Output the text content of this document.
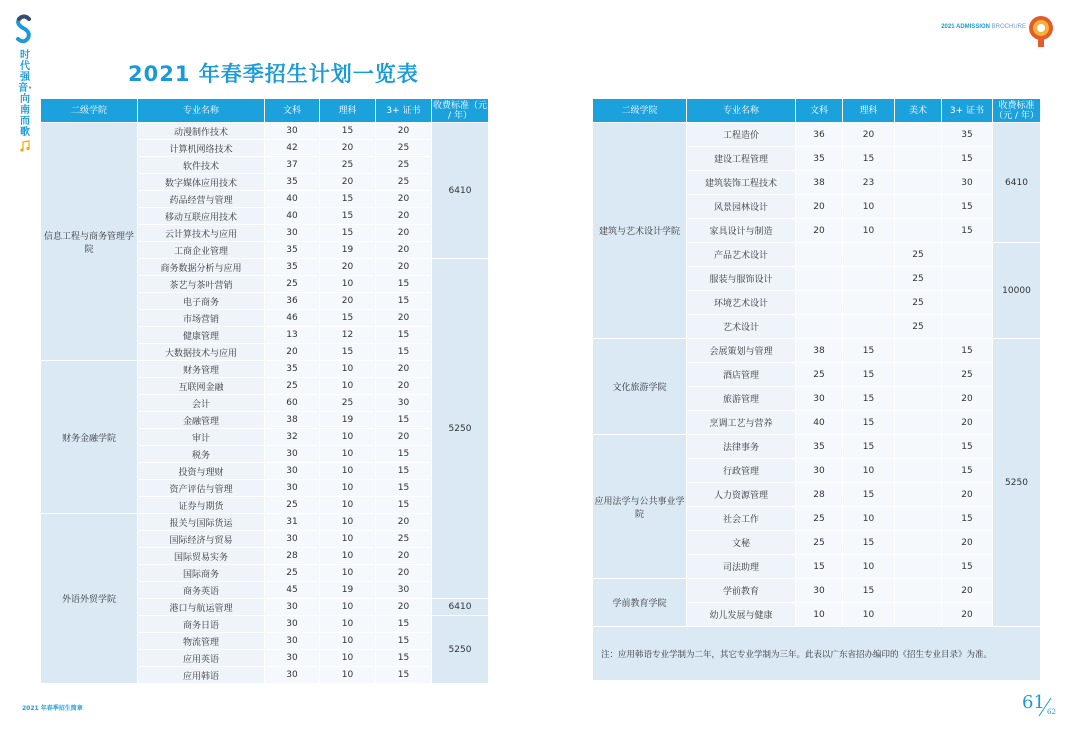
时代强音·向南而歌
2021 ADMISSION BROCHURE
2021 年春季招生计划一览表
二级学院	专业名称	文科	理科	3+ 证书	收费标准（元 / 年）
信息工程与商务管理学院	动漫制作技术	30	15	20	6410
	计算机网络技术	42	20	25	
	软件技术	37	25	25	
	数字媒体应用技术	35	20	25	
	药品经营与管理	40	15	20	
	移动互联应用技术	40	15	20	
	云计算技术与应用	30	15	20	
	工商企业管理	35	19	20	
	商务数据分析与应用	35	20	20	5250
	茶艺与茶叶营销	25	10	15	
	电子商务	36	20	15	
	市场营销	46	15	20	
	健康管理	13	12	15	
	大数据技术与应用	20	15	15	
财务金融学院	财务管理	35	10	20	
	互联网金融	25	10	20	
	会计	60	25	30	
	金融管理	38	19	15	
	审计	32	10	20	
	税务	30	10	15	
	投资与理财	30	10	15	
	资产评估与管理	30	10	15	
	证券与期货	25	10	15	
外语外贸学院	报关与国际货运	31	10	20	
	国际经济与贸易	30	10	25	
	国际贸易实务	28	10	20	
	国际商务	25	10	20	
	商务英语	45	19	30	
	港口与航运管理	30	10	20	6410
	商务日语	30	10	15	5250
	物流管理	30	10	15	
	应用英语	30	10	15	
	应用韩语	30	10	15	
二级学院	专业名称	文科	理科	美术	3+ 证书	收费标准（元 / 年）
建筑与艺术设计学院	工程造价	36	20		35	6410
	建设工程管理	35	15		15	
	建筑装饰工程技术	38	23		30	
	风景园林设计	20	10		15	
	家具设计与制造	20	10		15	
	产品艺术设计			25		10000
	服装与服饰设计			25		
	环境艺术设计			25		
	艺术设计			25		
文化旅游学院	会展策划与管理	38	15		15	5250
	酒店管理	25	15		25	
	旅游管理	30	15		20	
	烹调工艺与营养	40	15		20	
应用法学与公共事业学院	法律事务	35	15		15	
	行政管理	30	10		15	
	人力资源管理	28	15		20	
	社会工作	25	10		15	
	文秘	25	15		20	
	司法助理	15	10		15	
学前教育学院	学前教育	30	15		20	
	幼儿发展与健康	10	10		20	
注：应用韩语专业学制为二年，其它专业学制为三年。此表以广东省招办编印的《招生专业目录》为准。						
2021 年春季招生简章	61 62
